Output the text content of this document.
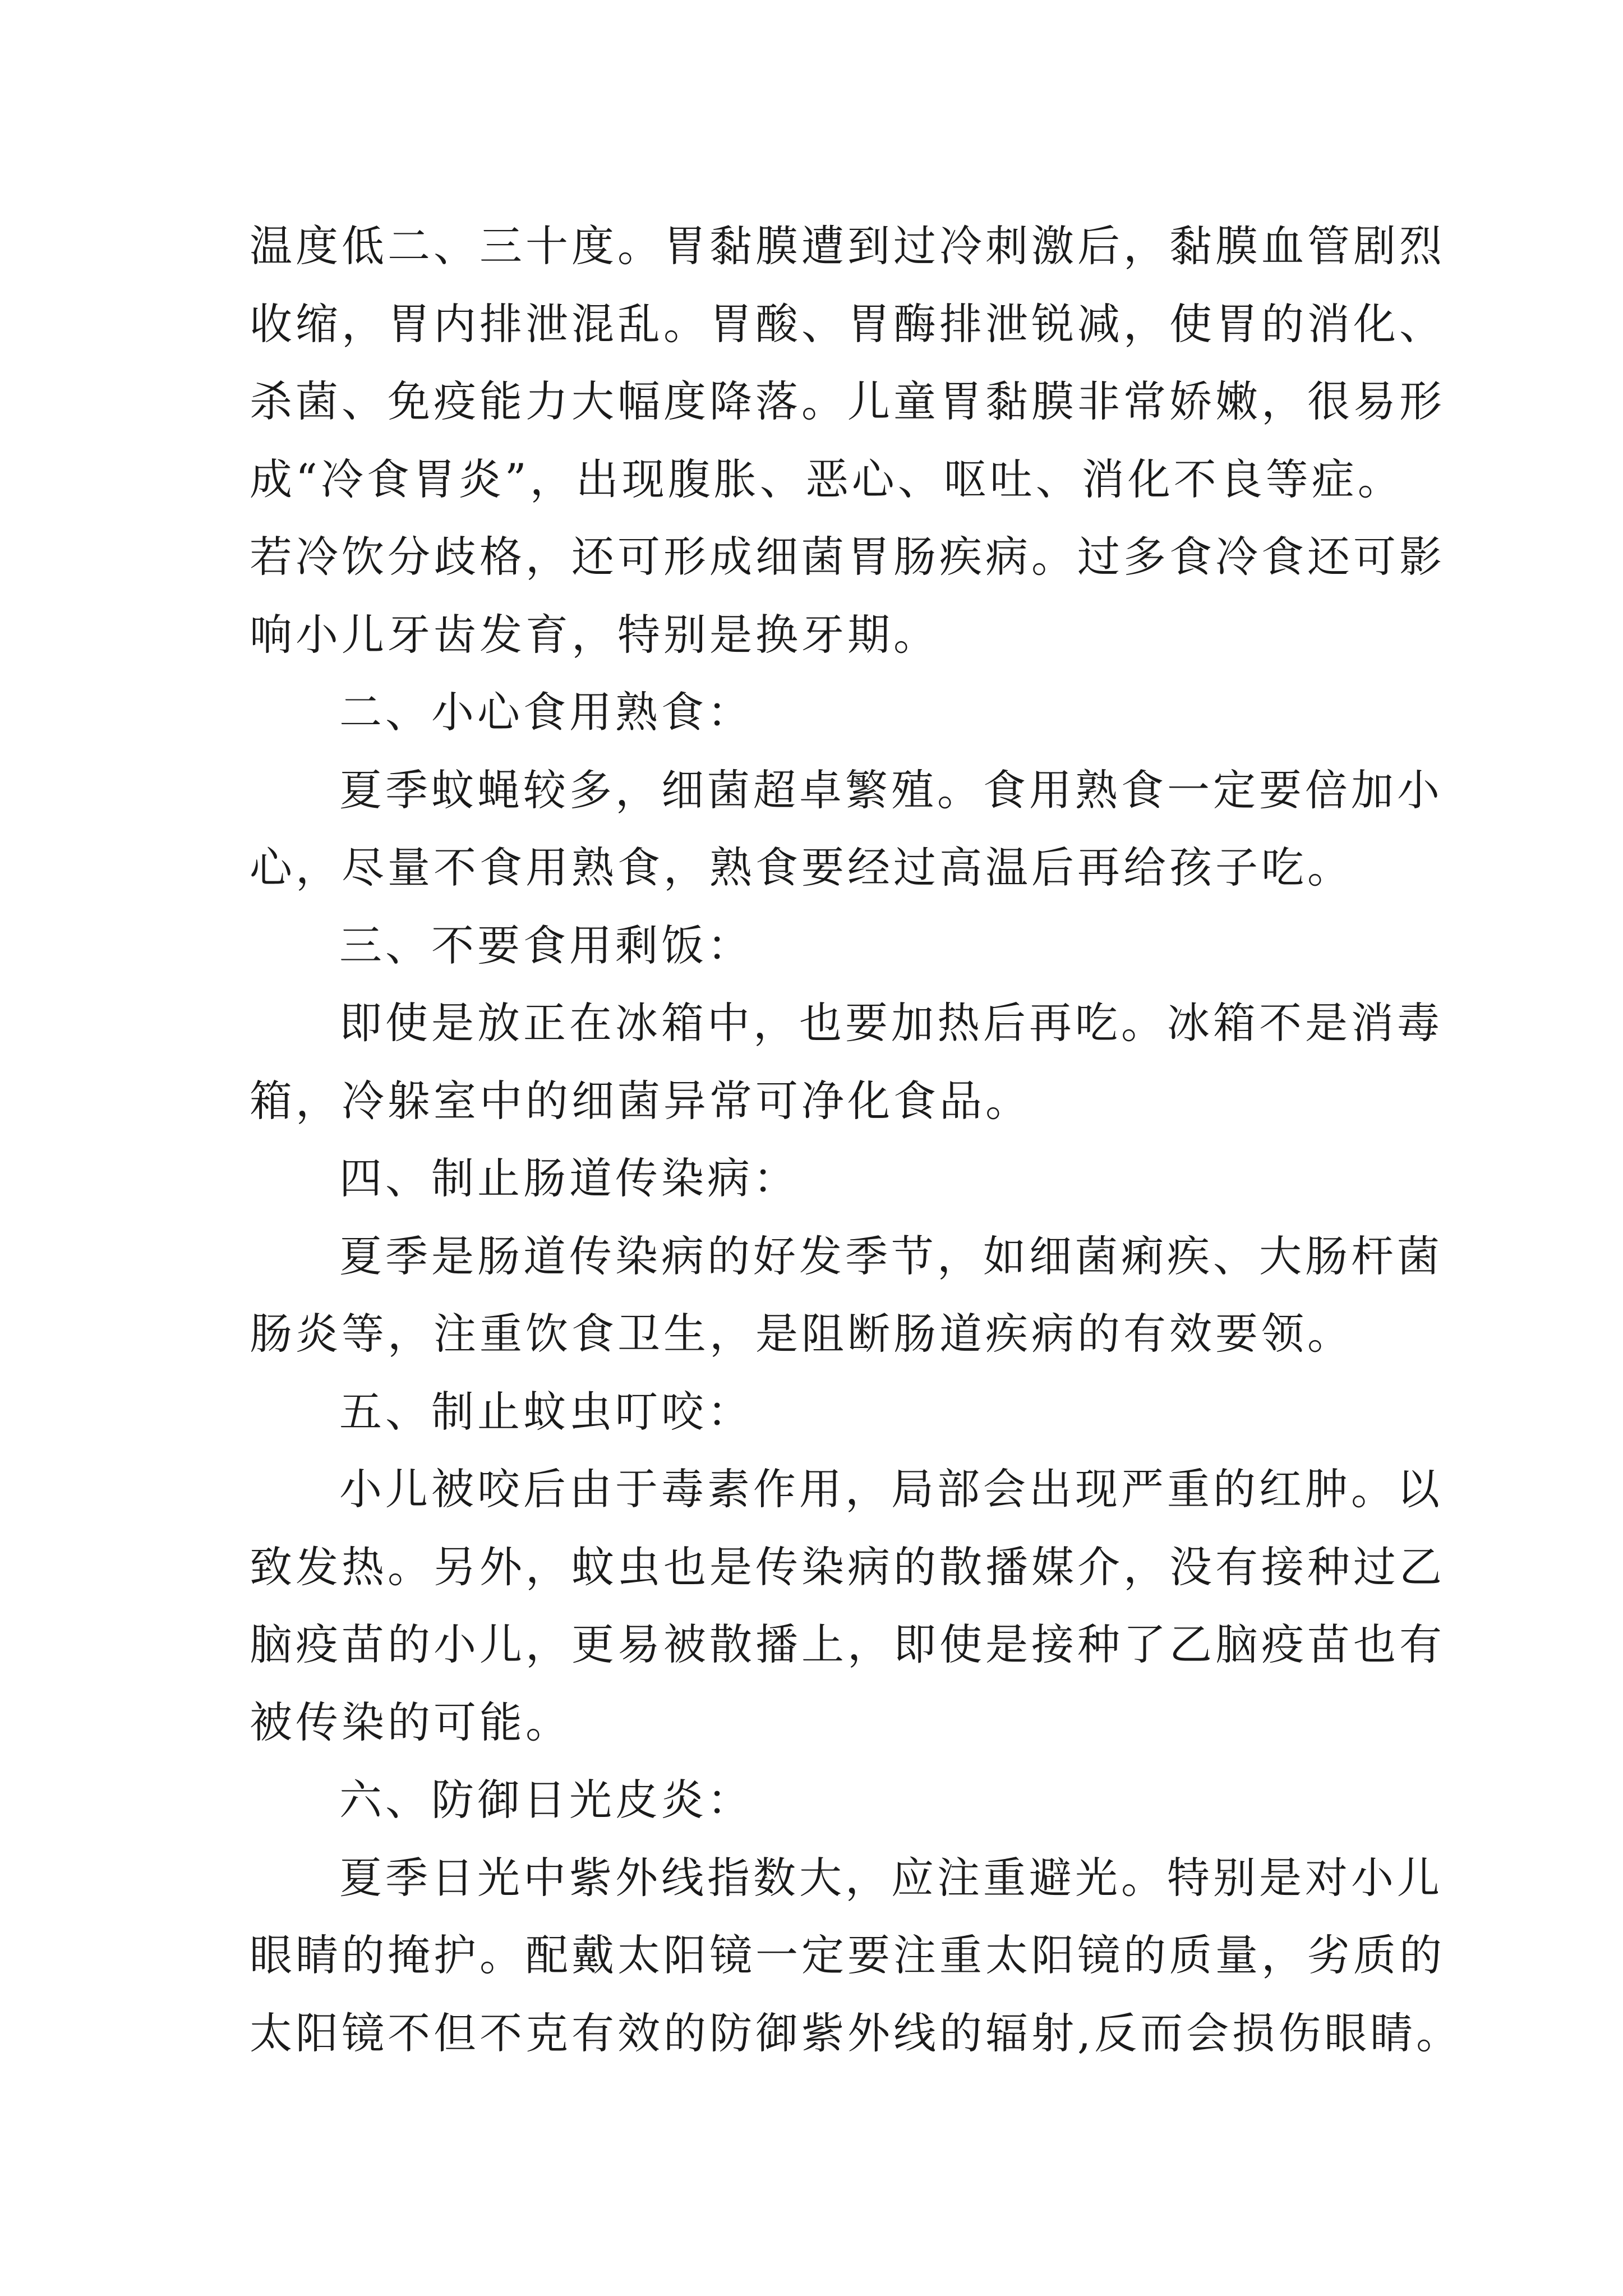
温度低二、三十度。胃黏膜遭到过冷刺激后，黏膜血管剧烈
收缩，胃内排泄混乱。胃酸、胃酶排泄锐减，使胃的消化、
杀菌、免疫能力大幅度降落。儿童胃黏膜非常娇嫩，很易形
成“冷食胃炎”，出现腹胀、恶心、呕吐、消化不良等症。
若冷饮分歧格，还可形成细菌胃肠疾病。过多食冷食还可影
响小儿牙齿发育，特别是换牙期。
二、小心食用熟食：
夏季蚊蝇较多，细菌超卓繁殖。食用熟食一定要倍加小
心，尽量不食用熟食，熟食要经过高温后再给孩子吃。
三、不要食用剩饭：
即使是放正在冰箱中，也要加热后再吃。冰箱不是消毒
箱，冷躲室中的细菌异常可净化食品。
四、制止肠道传染病：
夏季是肠道传染病的好发季节，如细菌痢疾、大肠杆菌
肠炎等，注重饮食卫生，是阻断肠道疾病的有效要领。
五、制止蚊虫叮咬：
小儿被咬后由于毒素作用，局部会出现严重的红肿。以
致发热。另外，蚊虫也是传染病的散播媒介，没有接种过乙
脑疫苗的小儿，更易被散播上，即使是接种了乙脑疫苗也有
被传染的可能。
六、防御日光皮炎：
夏季日光中紫外线指数大，应注重避光。特别是对小儿
眼睛的掩护。配戴太阳镜一定要注重太阳镜的质量，劣质的
太阳镜不但不克有效的防御紫外线的辐射,反而会损伤眼睛。
